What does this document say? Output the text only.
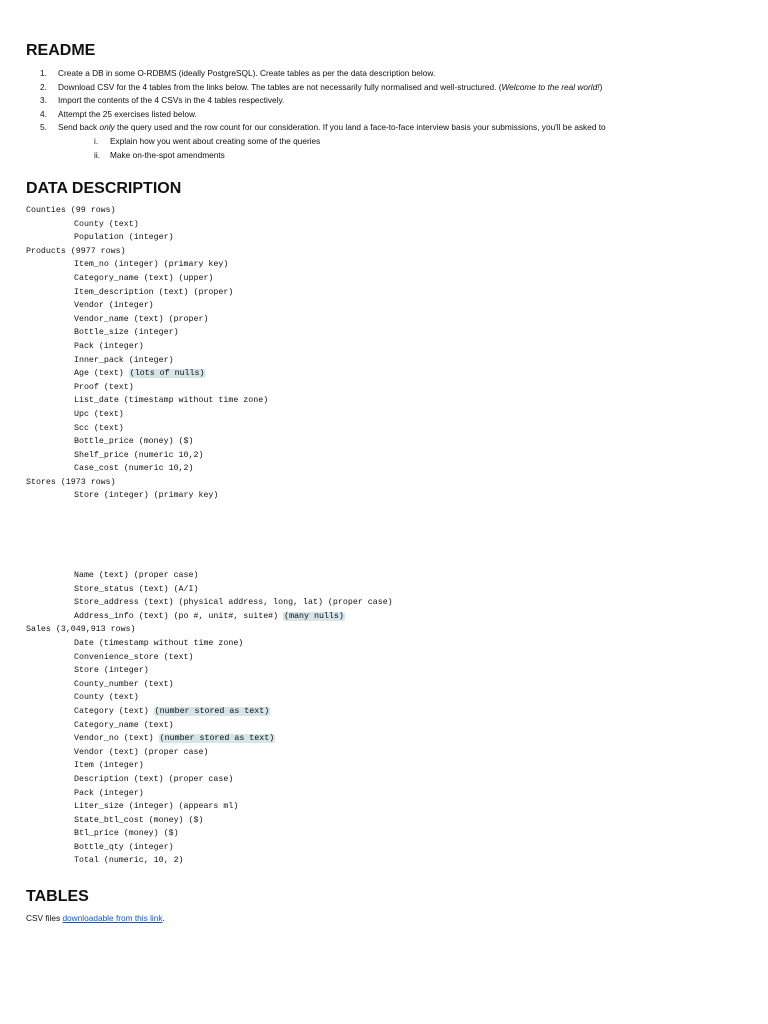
README
1.	Create a DB in some O-RDBMS (ideally PostgreSQL). Create tables as per the data description below.
2.	Download CSV for the 4 tables from the links below. The tables are not necessarily fully normalised and well-structured. (Welcome to the real world!)
3.	Import the contents of the 4 CSVs in the 4 tables respectively.
4.	Attempt the 25 exercises listed below.
5.	Send back only the query used and the row count for our consideration. If you land a face-to-face interview basis your submissions, you'll be asked to
i.	Explain how you went about creating some of the queries
ii.	Make on-the-spot amendments
DATA DESCRIPTION
Counties (99 rows)
County (text)
Population (integer)
Products (9977 rows)
Item_no (integer) (primary key)
Category_name (text) (upper)
Item_description (text) (proper)
Vendor (integer)
Vendor_name (text) (proper)
Bottle_size (integer)
Pack (integer)
Inner_pack (integer)
Age (text) (lots of nulls)
Proof (text)
List_date (timestamp without time zone)
Upc (text)
Scc (text)
Bottle_price (money) ($)
Shelf_price (numeric 10,2)
Case_cost (numeric 10,2)
Stores (1973 rows)
Store (integer) (primary key)
Name (text) (proper case)
Store_status (text) (A/I)
Store_address (text) (physical address, long, lat) (proper case)
Address_info (text) (po #, unit#, suite#) (many nulls)
Sales (3,049,913 rows)
Date (timestamp without time zone)
Convenience_store (text)
Store (integer)
County_number (text)
County (text)
Category (text) (number stored as text)
Category_name (text)
Vendor_no (text) (number stored as text)
Vendor (text) (proper case)
Item (integer)
Description (text) (proper case)
Pack (integer)
Liter_size (integer) (appears ml)
State_btl_cost (money) ($)
Btl_price (money) ($)
Bottle_qty (integer)
Total (numeric, 10, 2)
TABLES
CSV files downloadable from this link.
